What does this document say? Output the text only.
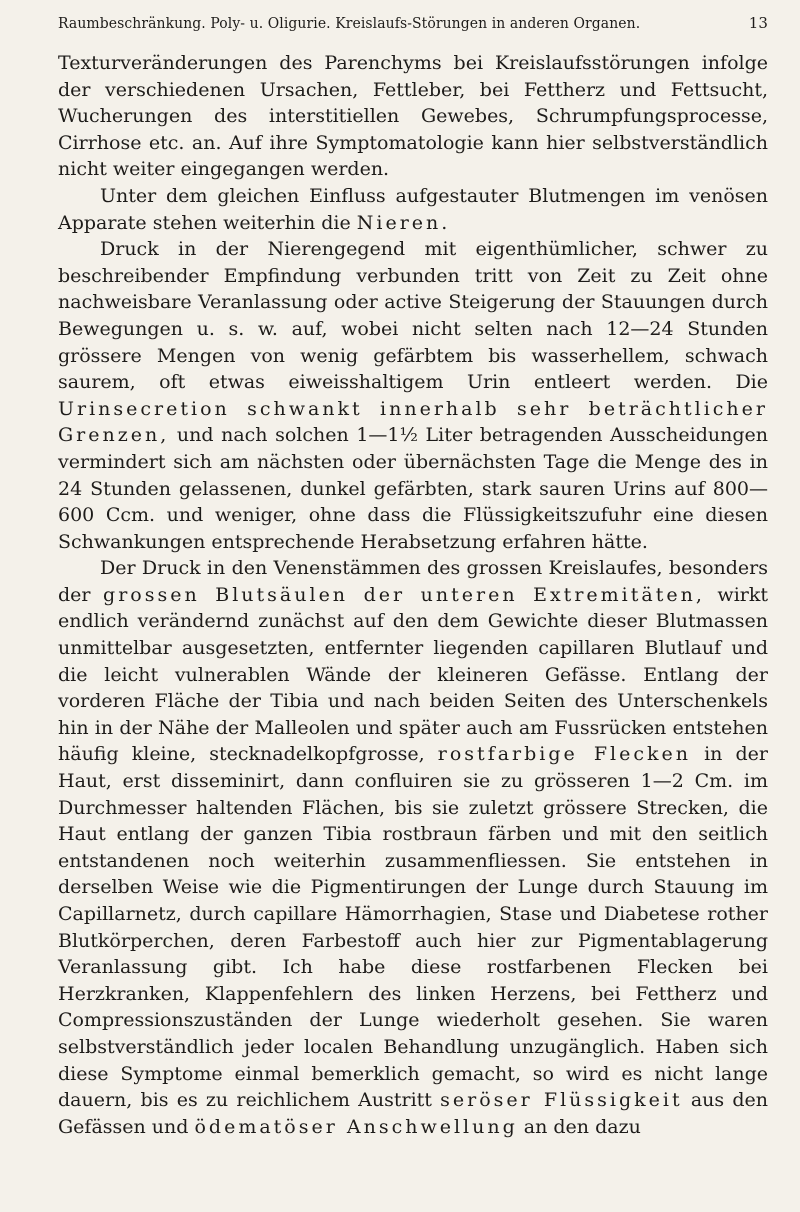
Raumbeschränkung. Poly- u. Oligurie. Kreislaufs-Störungen in anderen Organen.	13

Texturveränderungen des Parenchyms bei Kreislaufsstörungen infolge der verschiedenen Ursachen, Fettleber, bei Fettherz und Fettsucht, Wucherungen des interstitiellen Gewebes, Schrumpfungsprocesse, Cirrhose etc. an. Auf ihre Symptomatologie kann hier selbstverständlich nicht weiter eingegangen werden.

Unter dem gleichen Einfluss aufgestauter Blutmengen im venösen Apparate stehen weiterhin die Nieren.

Druck in der Nierengegend mit eigenthümlicher, schwer zu beschreibender Empfindung verbunden tritt von Zeit zu Zeit ohne nachweisbare Veranlassung oder active Steigerung der Stauungen durch Bewegungen u. s. w. auf, wobei nicht selten nach 12—24 Stunden grössere Mengen von wenig gefärbtem bis wasserhellem, schwach saurem, oft etwas eiweisshaltigem Urin entleert werden. Die Urinsecretion schwankt innerhalb sehr beträchtlicher Grenzen, und nach solchen 1—1½ Liter betragenden Ausscheidungen vermindert sich am nächsten oder übernächsten Tage die Menge des in 24 Stunden gelassenen, dunkel gefärbten, stark sauren Urins auf 800—600 Ccm. und weniger, ohne dass die Flüssigkeitszufuhr eine diesen Schwankungen entsprechende Herabsetzung erfahren hätte.

Der Druck in den Venenstämmen des grossen Kreislaufes, besonders der grossen Blutsäulen der unteren Extremitäten, wirkt endlich verändernd zunächst auf den dem Gewichte dieser Blutmassen unmittelbar ausgesetzten, entfernter liegenden capillaren Blutlauf und die leicht vulnerablen Wände der kleineren Gefässe. Entlang der vorderen Fläche der Tibia und nach beiden Seiten des Unterschenkels hin in der Nähe der Malleolen und später auch am Fussrücken entstehen häufig kleine, stecknadelkopfgrosse, rostfarbige Flecken in der Haut, erst disseminirt, dann confluiren sie zu grösseren 1—2 Cm. im Durchmesser haltenden Flächen, bis sie zuletzt grössere Strecken, die Haut entlang der ganzen Tibia rostbraun färben und mit den seitlich entstandenen noch weiterhin zusammenfliessen. Sie entstehen in derselben Weise wie die Pigmentirungen der Lunge durch Stauung im Capillarnetz, durch capillare Hämorrhagien, Stase und Diabetese rother Blutkörperchen, deren Farbestoff auch hier zur Pigmentablagerung Veranlassung gibt. Ich habe diese rostfarbenen Flecken bei Herzkranken, Klappenfehlern des linken Herzens, bei Fettherz und Compressionszuständen der Lunge wiederholt gesehen. Sie waren selbstverständlich jeder localen Behandlung unzugänglich. Haben sich diese Symptome einmal bemerklich gemacht, so wird es nicht lange dauern, bis es zu reichlichem Austritt seröser Flüssigkeit aus den Gefässen und ödematöser Anschwellung an den dazu
